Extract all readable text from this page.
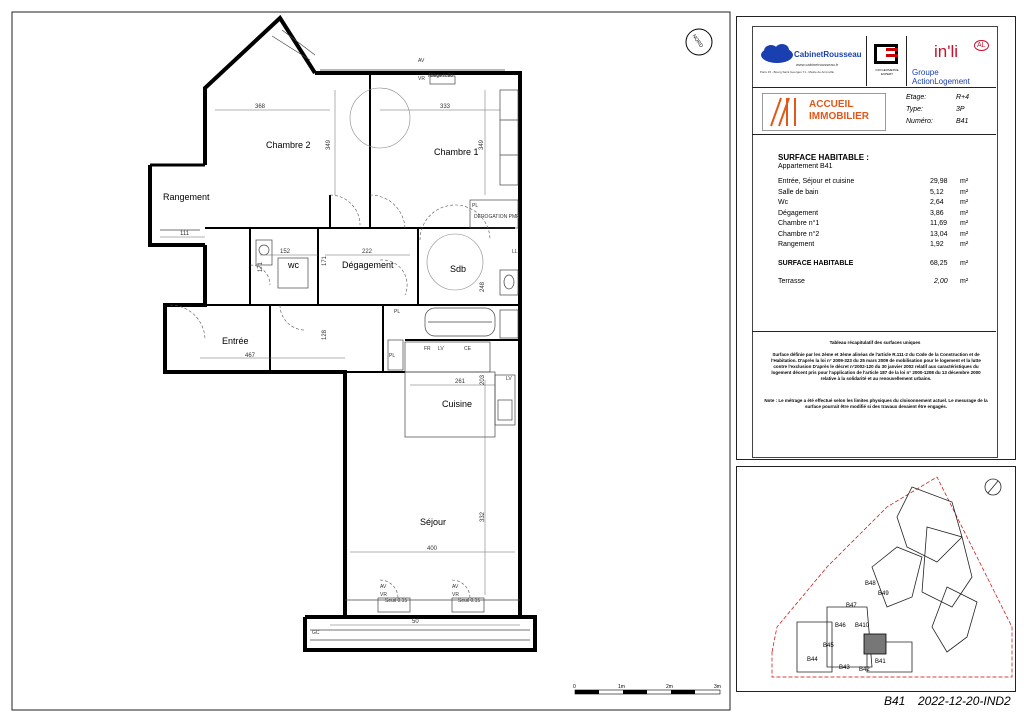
Chambre 2
Chambre 1
Rangement
wc	Dégagement	Sdb
Entrée
Cuisine
Séjour
368	333
349	349
111
152	222
171
171
248
128
467
261 203
332
400
50
Allège h:90
AV
VR
DEROGATION PMR
PL
PL
PL
LL
FR LV	CE
LV
VR
AV
VR
AV
Seuil 0.15	Seuil 0.15
GC
NORD
0	1m	2m	3m
CabinetRousseau
www.cabinetrousseau.fr
Paris 15 - Bourg Saint Georges 71 - Mairie de Arronville	CRI GEOMETRE EXPERT
in'li	AL
Groupe ActionLogement
ACCUEIL
IMMOBILIER
Etage:	R+4
Type:	3P
Numéro:	B41
SURFACE HABITABLE :
Appartement B41
Entrée, Séjour et cuisine	29,98 m²
Salle de bain	5,12 m²
Wc	2,64 m²
Dégagement	3,86 m²
Chambre n°1	11,69 m²
Chambre n°2	13,04 m²
Rangement	1,92 m²
SURFACE HABITABLE	68,25 m²
Terrasse	2,00 m²
Tableau récapitulatif des surfaces uniques
Surface définie par les 2ème et 3ème alinéas de l'article R.111-2 du Code de la Construction et de l'Habitation. D'après la loi n° 2009-323 du 25 mars 2009 de mobilisation pour le logement et la lutte contre l'exclusion D'après le décret n°2002-120 du 30 janvier 2002 relatif aux caractéristiques du logement décent pris pour l'application de l'article 187 de la loi n° 2000-1208 du 13 décembre 2000 relative à la solidarité et au renouvellement urbains.
Note : Le métrage a été effectué selon les limites physiques du cloisonnement actuel. Le mesurage de la surface pourrait être modifié si des travaux devaient être engagés.
B48
B49
B47
B410
B46
B45
B43
B44
B42
B41
B41 2022-12-20-IND2
